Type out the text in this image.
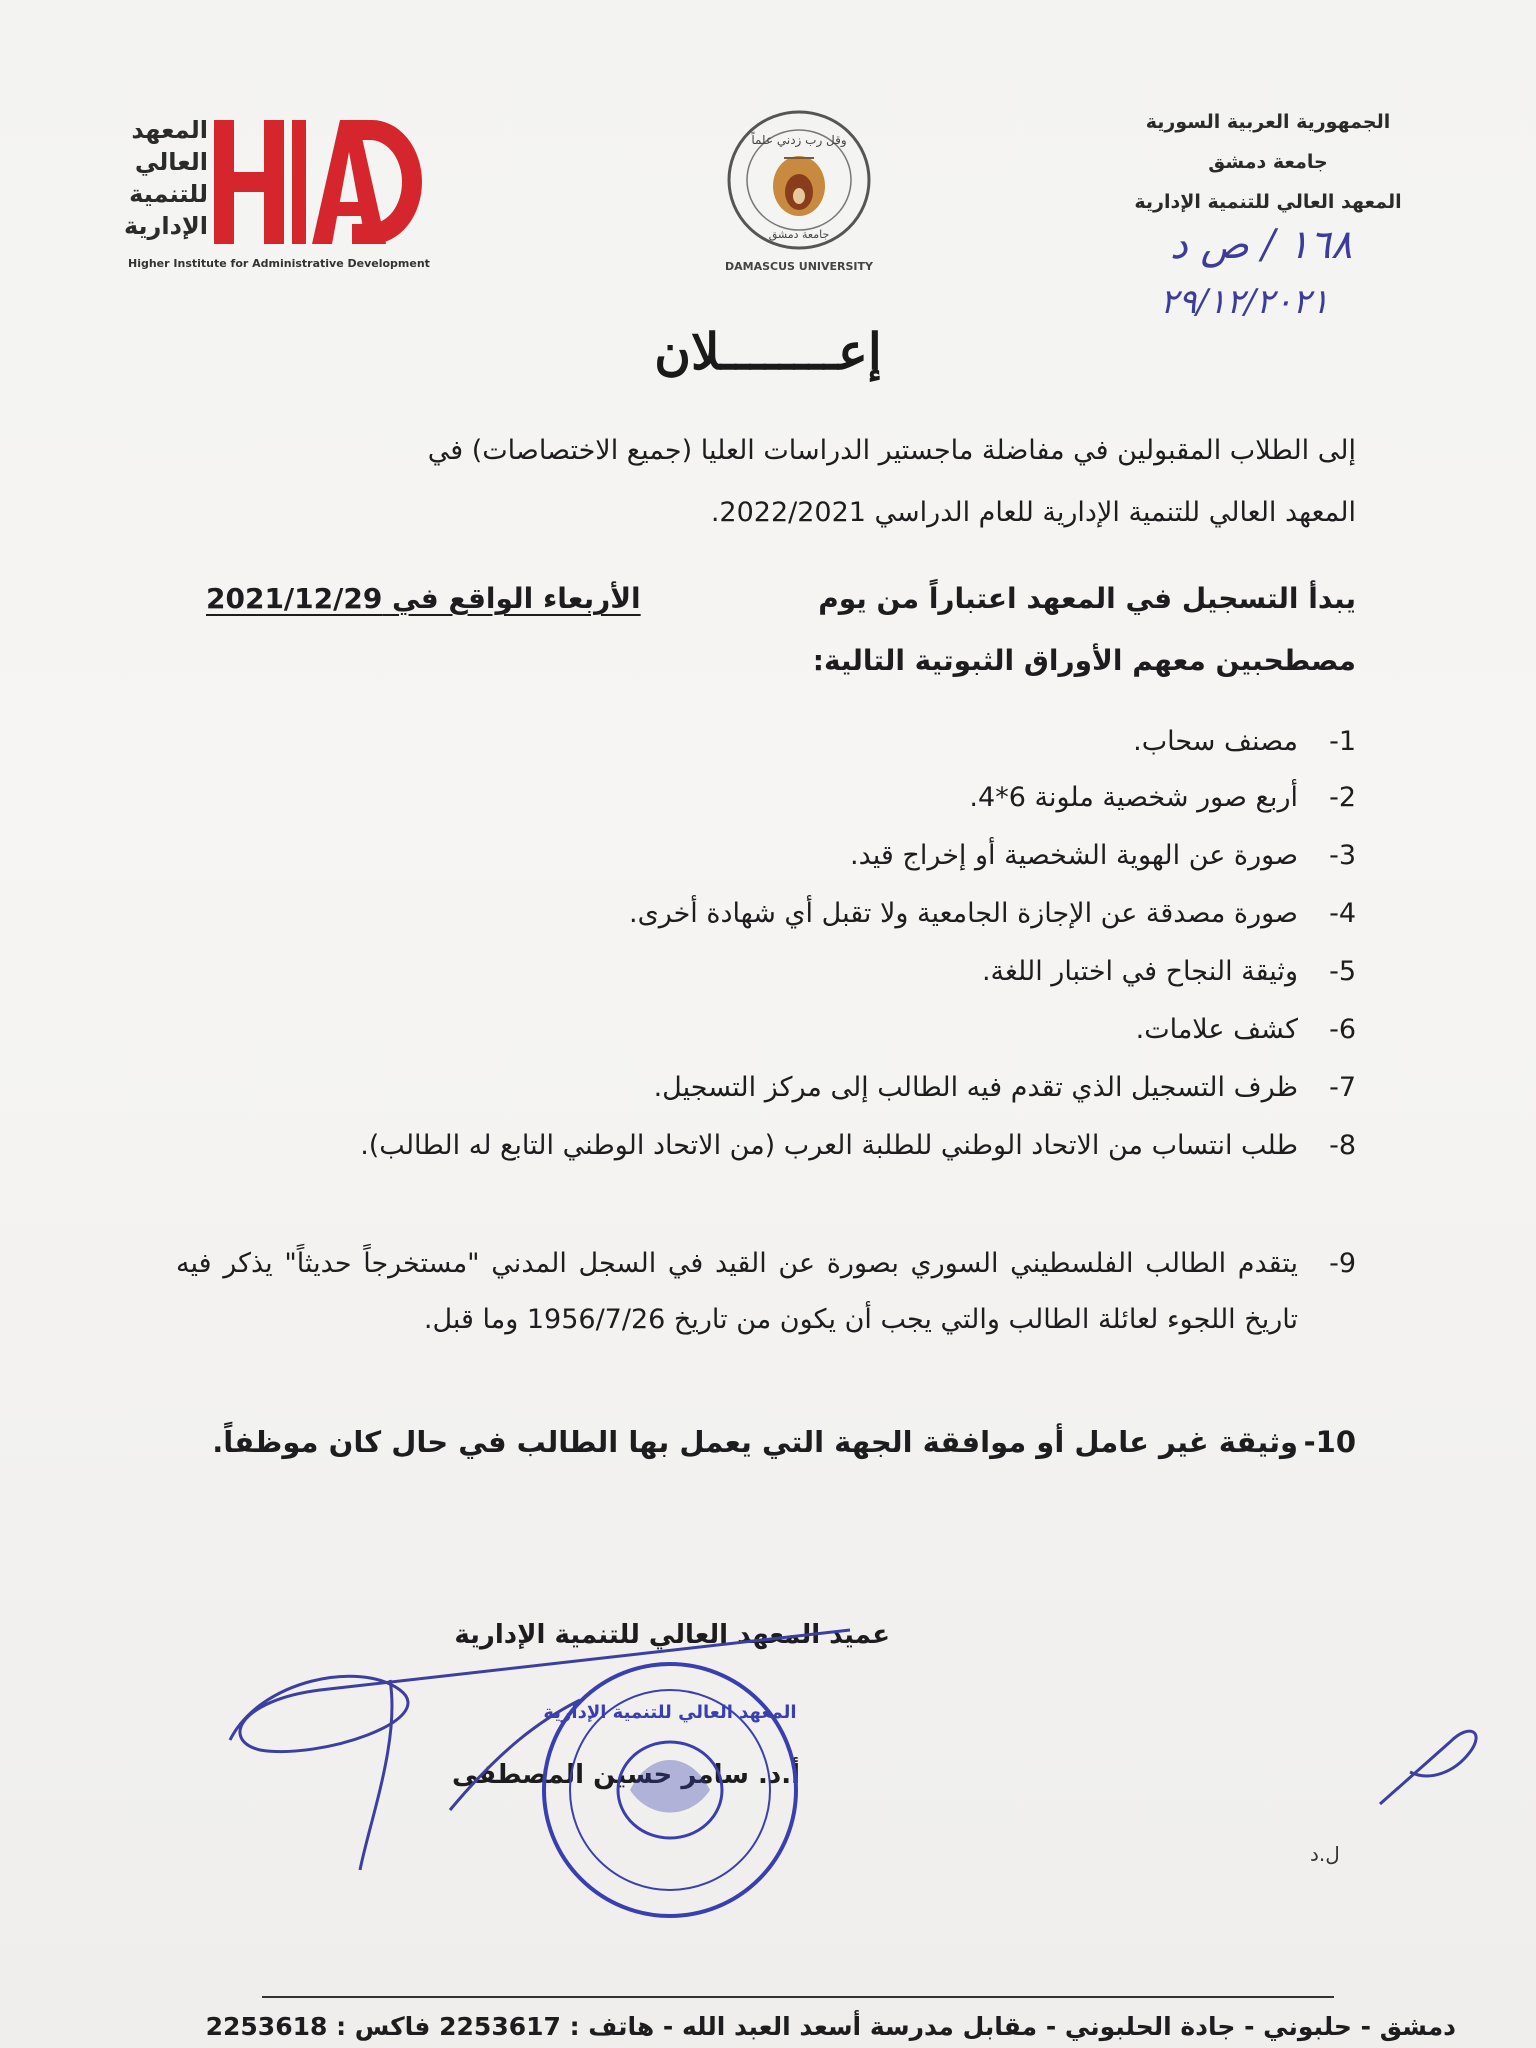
الجمهورية العربية السورية
جامعة دمشق
المعهد العالي للتنمية الإدارية
١٦٨ / ص د
٢٩/١٢/٢٠٢١
المعهد
العالي
للتنمية
الإدارية
Higher Institute for Administrative Development
وقل رب زدني علماً
جامعة دمشق
DAMASCUS UNIVERSITY
إعــــــــلان
إلى الطلاب المقبولين في مفاضلة ماجستير الدراسات العليا (جميع الاختصاصات) في
المعهد العالي للتنمية الإدارية للعام الدراسي 2022/2021.
يبدأ التسجيل في المعهد اعتباراً من يوم
الأربعاء الواقع في 2021/12/29
مصطحبين معهم الأوراق الثبوتية التالية:
1-
مصنف سحاب.
2-
أربع صور شخصية ملونة 6*4.
3-
صورة عن الهوية الشخصية أو إخراج قيد.
4-
صورة مصدقة عن الإجازة الجامعية ولا تقبل أي شهادة أخرى.
5-
وثيقة النجاح في اختبار اللغة.
6-
كشف علامات.
7-
ظرف التسجيل الذي تقدم فيه الطالب إلى مركز التسجيل.
8-
طلب انتساب من الاتحاد الوطني للطلبة العرب (من الاتحاد الوطني التابع له الطالب).
9-
يتقدم الطالب الفلسطيني السوري بصورة عن القيد في السجل المدني "مستخرجاً حديثاً" يذكر فيه تاريخ اللجوء لعائلة الطالب والتي يجب أن يكون من تاريخ 1956/7/26 وما قبل.
10-
وثيقة غير عامل أو موافقة الجهة التي يعمل بها الطالب في حال كان موظفاً.
عميد المعهد العالي للتنمية الإدارية
أ.د. سامر حسين المصطفى
المعهد العالي للتنمية الإدارية
ل.د
دمشق - حلبوني - جادة الحلبوني - مقابل مدرسة أسعد العبد الله - هاتف : 2253617 فاكس : 2253618
